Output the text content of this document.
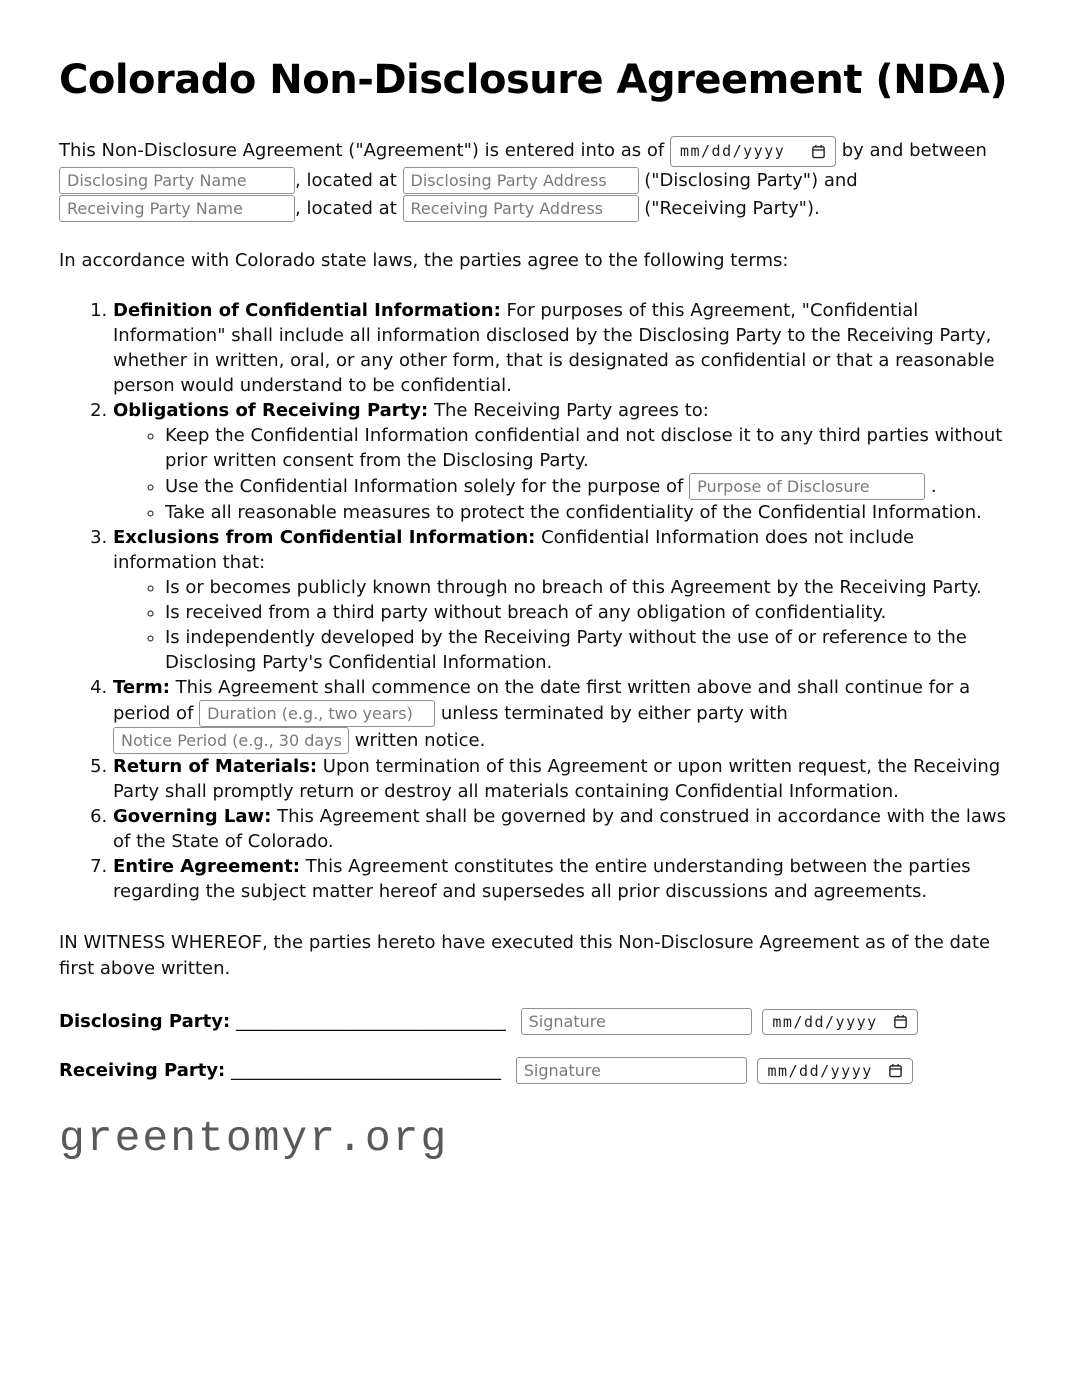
Colorado Non-Disclosure Agreement (NDA)

This Non-Disclosure Agreement ("Agreement") is entered into as of mm/dd/yyyy	by and between Disclosing Party Name, located at Disclosing Party Address	("Disclosing Party") and Receiving Party Name, located at Receiving Party Address	("Receiving Party").

In accordance with Colorado state laws, the parties agree to the following terms:

1. Definition of Confidential Information: For purposes of this Agreement, "Confidential Information" shall include all information disclosed by the Disclosing Party to the Receiving Party, whether in written, oral, or any other form, that is designated as confidential or that a reasonable person would understand to be confidential.
2. Obligations of Receiving Party: The Receiving Party agrees to:
◦ Keep the Confidential Information confidential and not disclose it to any third parties without prior written consent from the Disclosing Party.
◦ Use the Confidential Information solely for the purpose of Purpose of Disclosure	.
◦ Take all reasonable measures to protect the confidentiality of the Confidential Information.
3. Exclusions from Confidential Information: Confidential Information does not include information that:
◦ Is or becomes publicly known through no breach of this Agreement by the Receiving Party.
◦ Is received from a third party without breach of any obligation of confidentiality.
◦ Is independently developed by the Receiving Party without the use of or reference to the Disclosing Party's Confidential Information.
4. Term: This Agreement shall commence on the date first written above and shall continue for a period of Duration (e.g., two years)	unless terminated by either party with Notice Period (e.g., 30 days) written notice.
5. Return of Materials: Upon termination of this Agreement or upon written request, the Receiving Party shall promptly return or destroy all materials containing Confidential Information.
6. Governing Law: This Agreement shall be governed by and construed in accordance with the laws of the State of Colorado.
7. Entire Agreement: This Agreement constitutes the entire understanding between the parties regarding the subject matter hereof and supersedes all prior discussions and agreements.

IN WITNESS WHEREOF, the parties hereto have executed this Non-Disclosure Agreement as of the date first above written.

Disclosing Party: ______________________________ Signature	mm/dd/yyyy
Receiving Party: ______________________________ Signature	mm/dd/yyyy
greentomyr.org
